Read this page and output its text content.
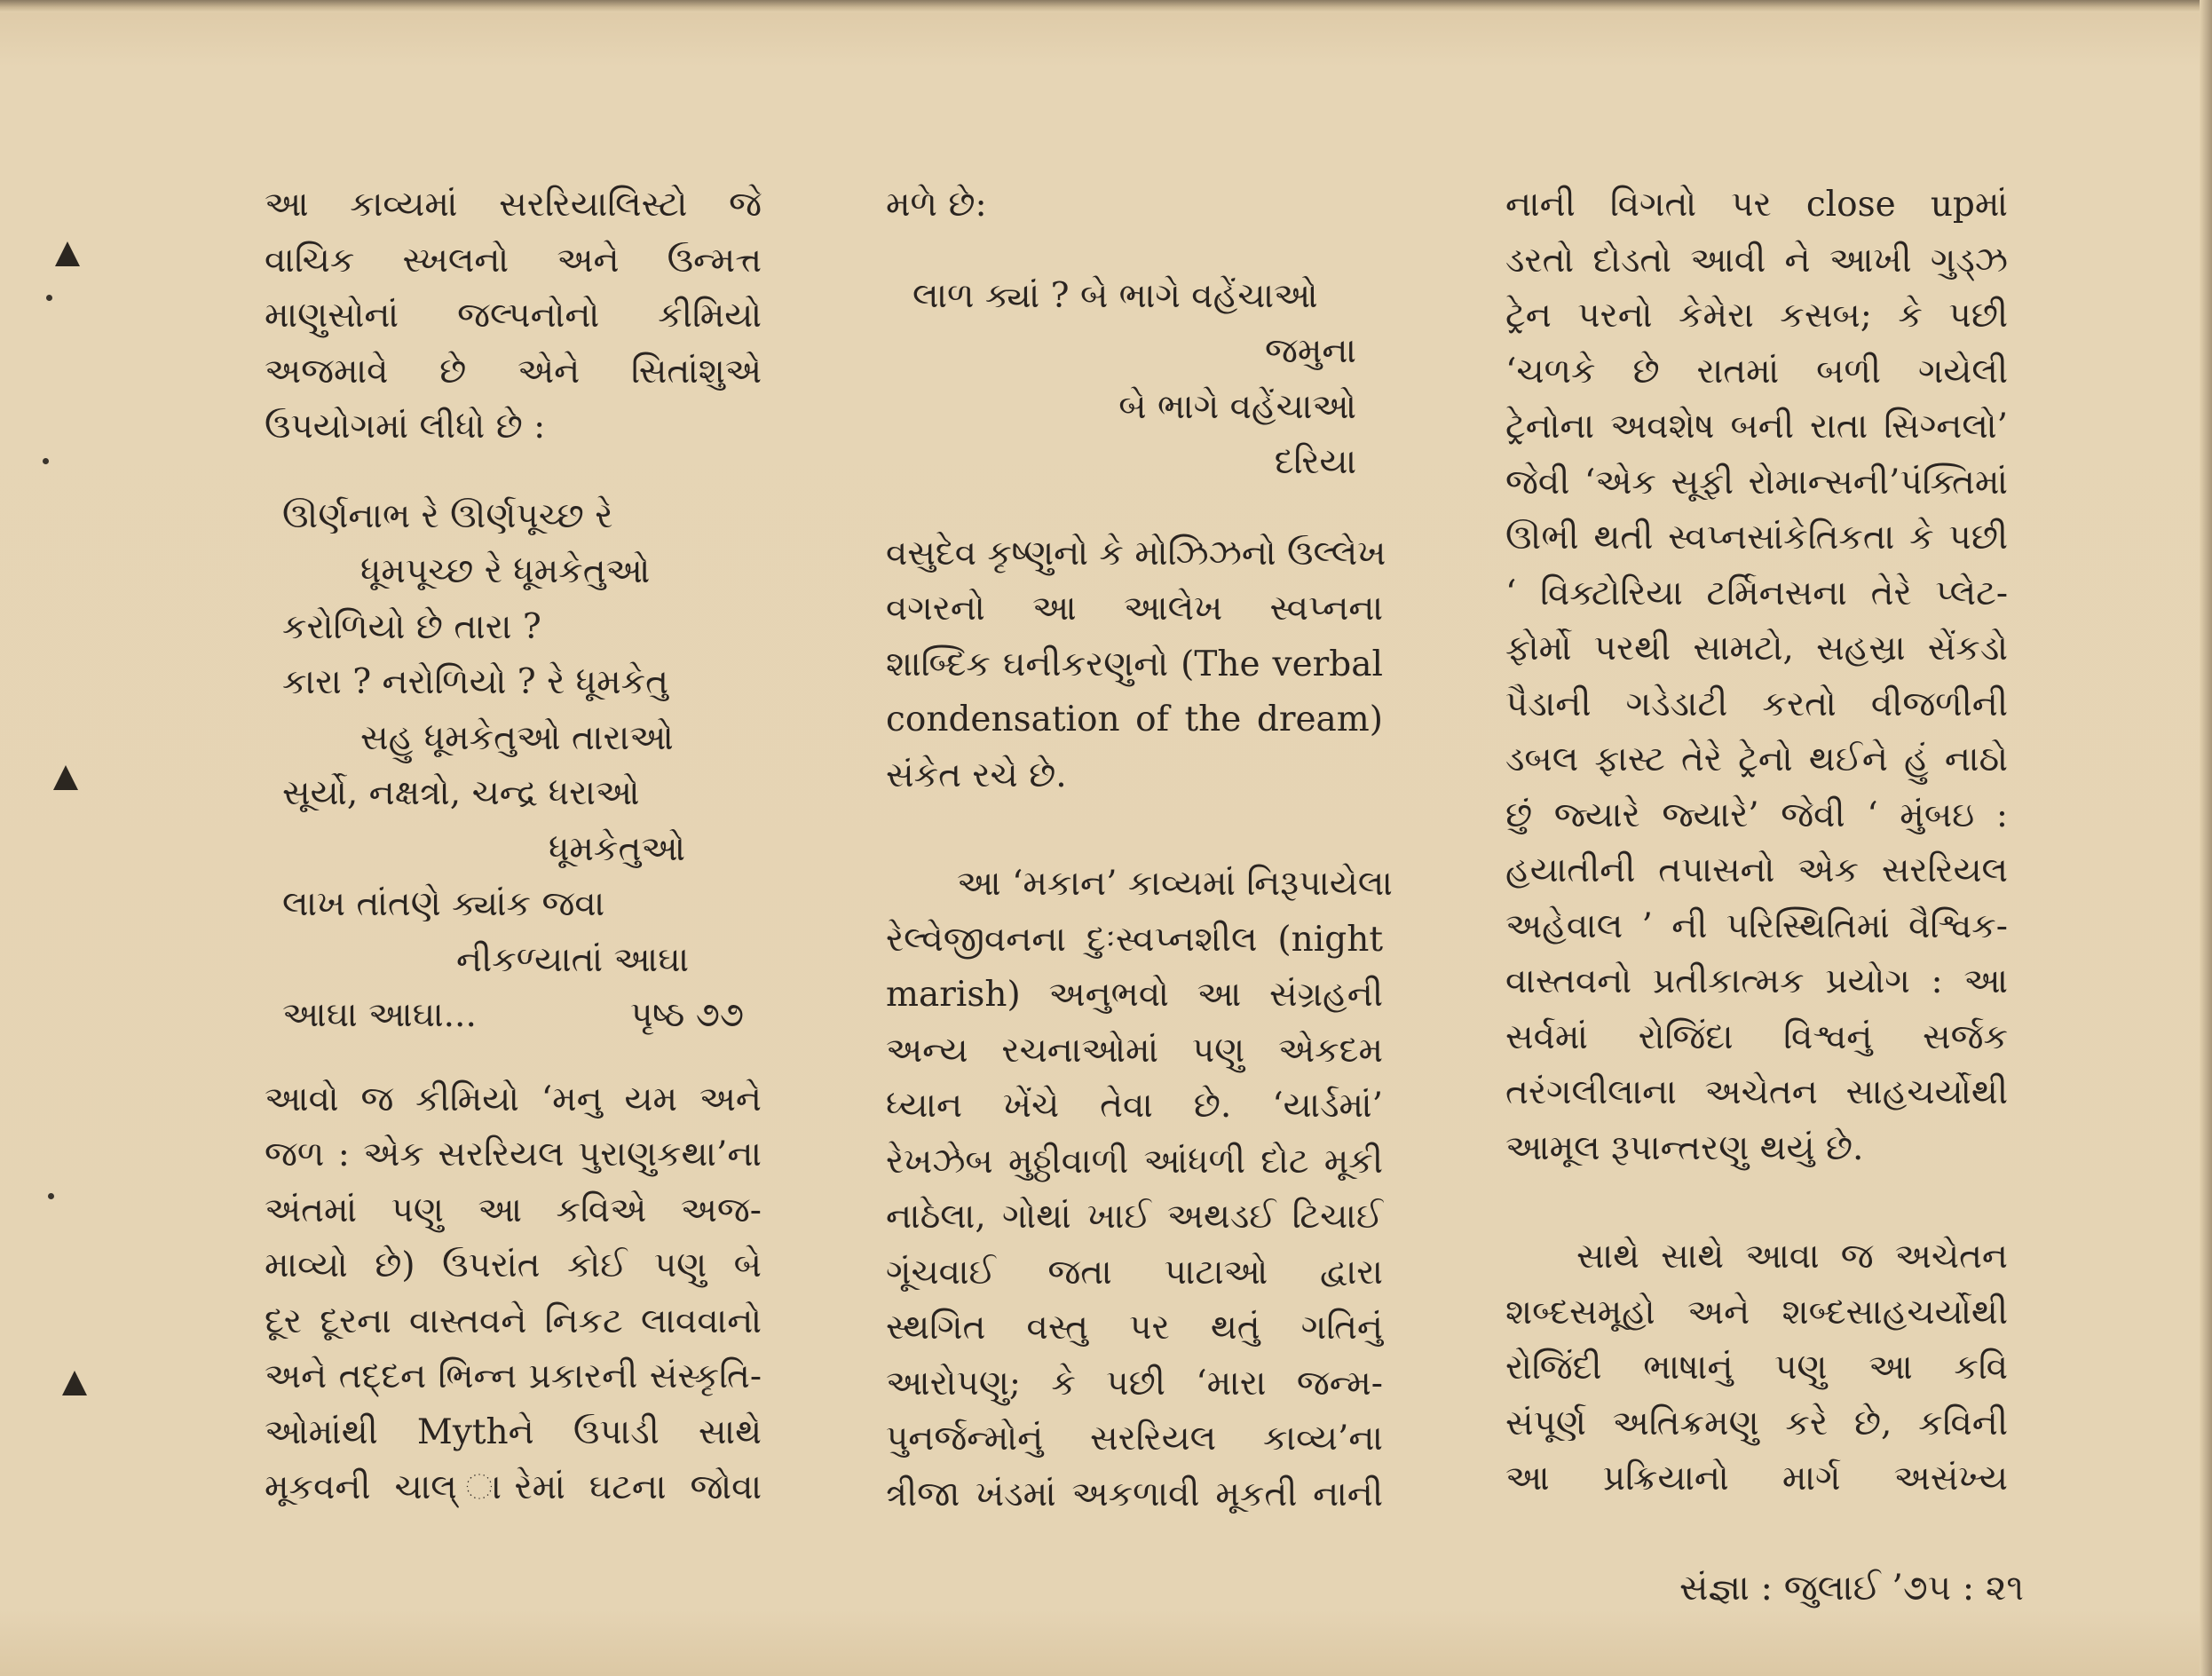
આ કાવ્યમાં સરરિયાલિસ્ટો જે
વાચિક સ્ખલનો અને ઉન્મત્ત
માણુસોનાં જલ્પનોનો કીમિયો
અજમાવે છે એને સિતાંશુએ
ઉપયોગમાં લીધો છે :

ઊર્ણનાભ રે ઊર્ણપૂચ્છ રે
ધૂમપૂચ્છ રે ધૂમકેતુઓ
કરોળિયો છે તારા ?
કારા ? નરોળિયો ? રે ધૂમકેતુ
સહુ ધૂમકેતુઓ તારાઓ
સૂર્યો, નક્ષત્રો, ચન્દ્ર ધરાઓ
ધૂમકેતુઓ
લાખ તાંતણે ક્યાંક જવા
નીકળ્યાતાં આઘા
આઘા આઘા...	પૃષ્ઠ ૭૭

આવો જ કીમિયો ‘મનુ યમ અને
જળ : એક સરરિયલ પુરાણુકથા’ના
અંતમાં પણુ આ કવિએ અજ-
માવ્યો છે) ઉપરાંત કોઈ પણુ બે
દૂર દૂરના વાસ્તવને નિકટ લાવવાનો
અને તદ્દન ભિન્ન પ્રકારની સંસ્કૃતિ-
ઓમાંથી Mythને ઉપાડી સાથે
મૂકવની ચાલ્ ારેમાં ઘટના જોવા

મળે છે:

લાળ ક્યાં ? બે ભાગે વહેંચાઓ
જમુના
બે ભાગે વહેંચાઓ
દરિયા

વસુદેવ કૃષ્ણુનો કે મોઝિઝનો ઉલ્લેખ
વગરનો આ આલેખ સ્વપ્નના
શાબ્દિક ઘનીકરણુનો (The verbal
condensation of the dream)
સંકેત રચે છે.

આ ‘મકાન’ કાવ્યમાં નિરૂપાયેલા
રેલ્વેજીવનના દુઃસ્વપ્નશીલ (night
marish) અનુભવો આ સંગ્રહની
અન્ય રચનાઓમાં પણુ એકદમ
ધ્યાન ખેંચે તેવા છે. ‘યાર્ડમાં’
રેખઝેબ મુઠ્ઠીવાળી આંધળી દોટ મૂકી
નાઠેલા, ગોથાં ખાઈ અથડઈ ટિચાઈ
ગૂંચવાઈ જતા પાટાઓ દ્વારા
સ્થગિત વસ્તુ પર થતું ગતિનું
આરોપણુ; કે પછી ‘મારા જન્મ-
પુનર્જન્મોનું સરરિયલ કાવ્ય’ના
ત્રીજા ખંડમાં અકળાવી મૂકતી નાની

નાની વિગતો પર close upમાં
ડરતો દોડતો આવી ને આખી ગુડ્ઝ
ટ્રેન પરનો કેમેરા કસબ; કે પછી
‘ચળકે છે રાતમાં બળી ગયેલી
ટ્રેનોના અવશેષ બની રાતા સિગ્નલો’
જેવી ‘એક સૂફી રોમાન્સની’પંક્તિમાં
ઊભી થતી સ્વપ્નસાંકેતિકતા કે પછી
‘ વિક્ટોરિયા ટર્મિનસના તેરે પ્લેટ-
ફોર્મો પરથી સામટો, સહસ્રા સેંકડો
પૈડાની ગડેડાટી કરતો વીજળીની
ડબલ ફાસ્ટ તેરે ટ્રેનો થઈને હું નાઠો
છું જ્યારે જ્યારે’ જેવી ‘ મુંબઇ :
હયાતીની તપાસનો એક સરરિયલ
અહેવાલ ’ ની પરિસ્થિતિમાં વૈશ્વિક-
વાસ્તવનો પ્રતીકાત્મક પ્રયોગ : આ
સર્વમાં રોજિંદા વિશ્વનું સર્જક
તરંગલીલાના અચેતન સાહચર્યોથી
આમૂલ રૂપાન્તરણુ થયું છે.

સાથે સાથે આવા જ અચેતન
શબ્દસમૂહો અને શબ્દસાહચર્યોથી
રોજિંદી ભાષાનું પણુ આ કવિ
સંપૂર્ણ અતિક્રમણુ કરે છે, કવિની
આ પ્રક્રિયાનો માર્ગ અસંખ્ય

સંજ્ઞા : જુલાઈ ’૭૫ : ૨૧
